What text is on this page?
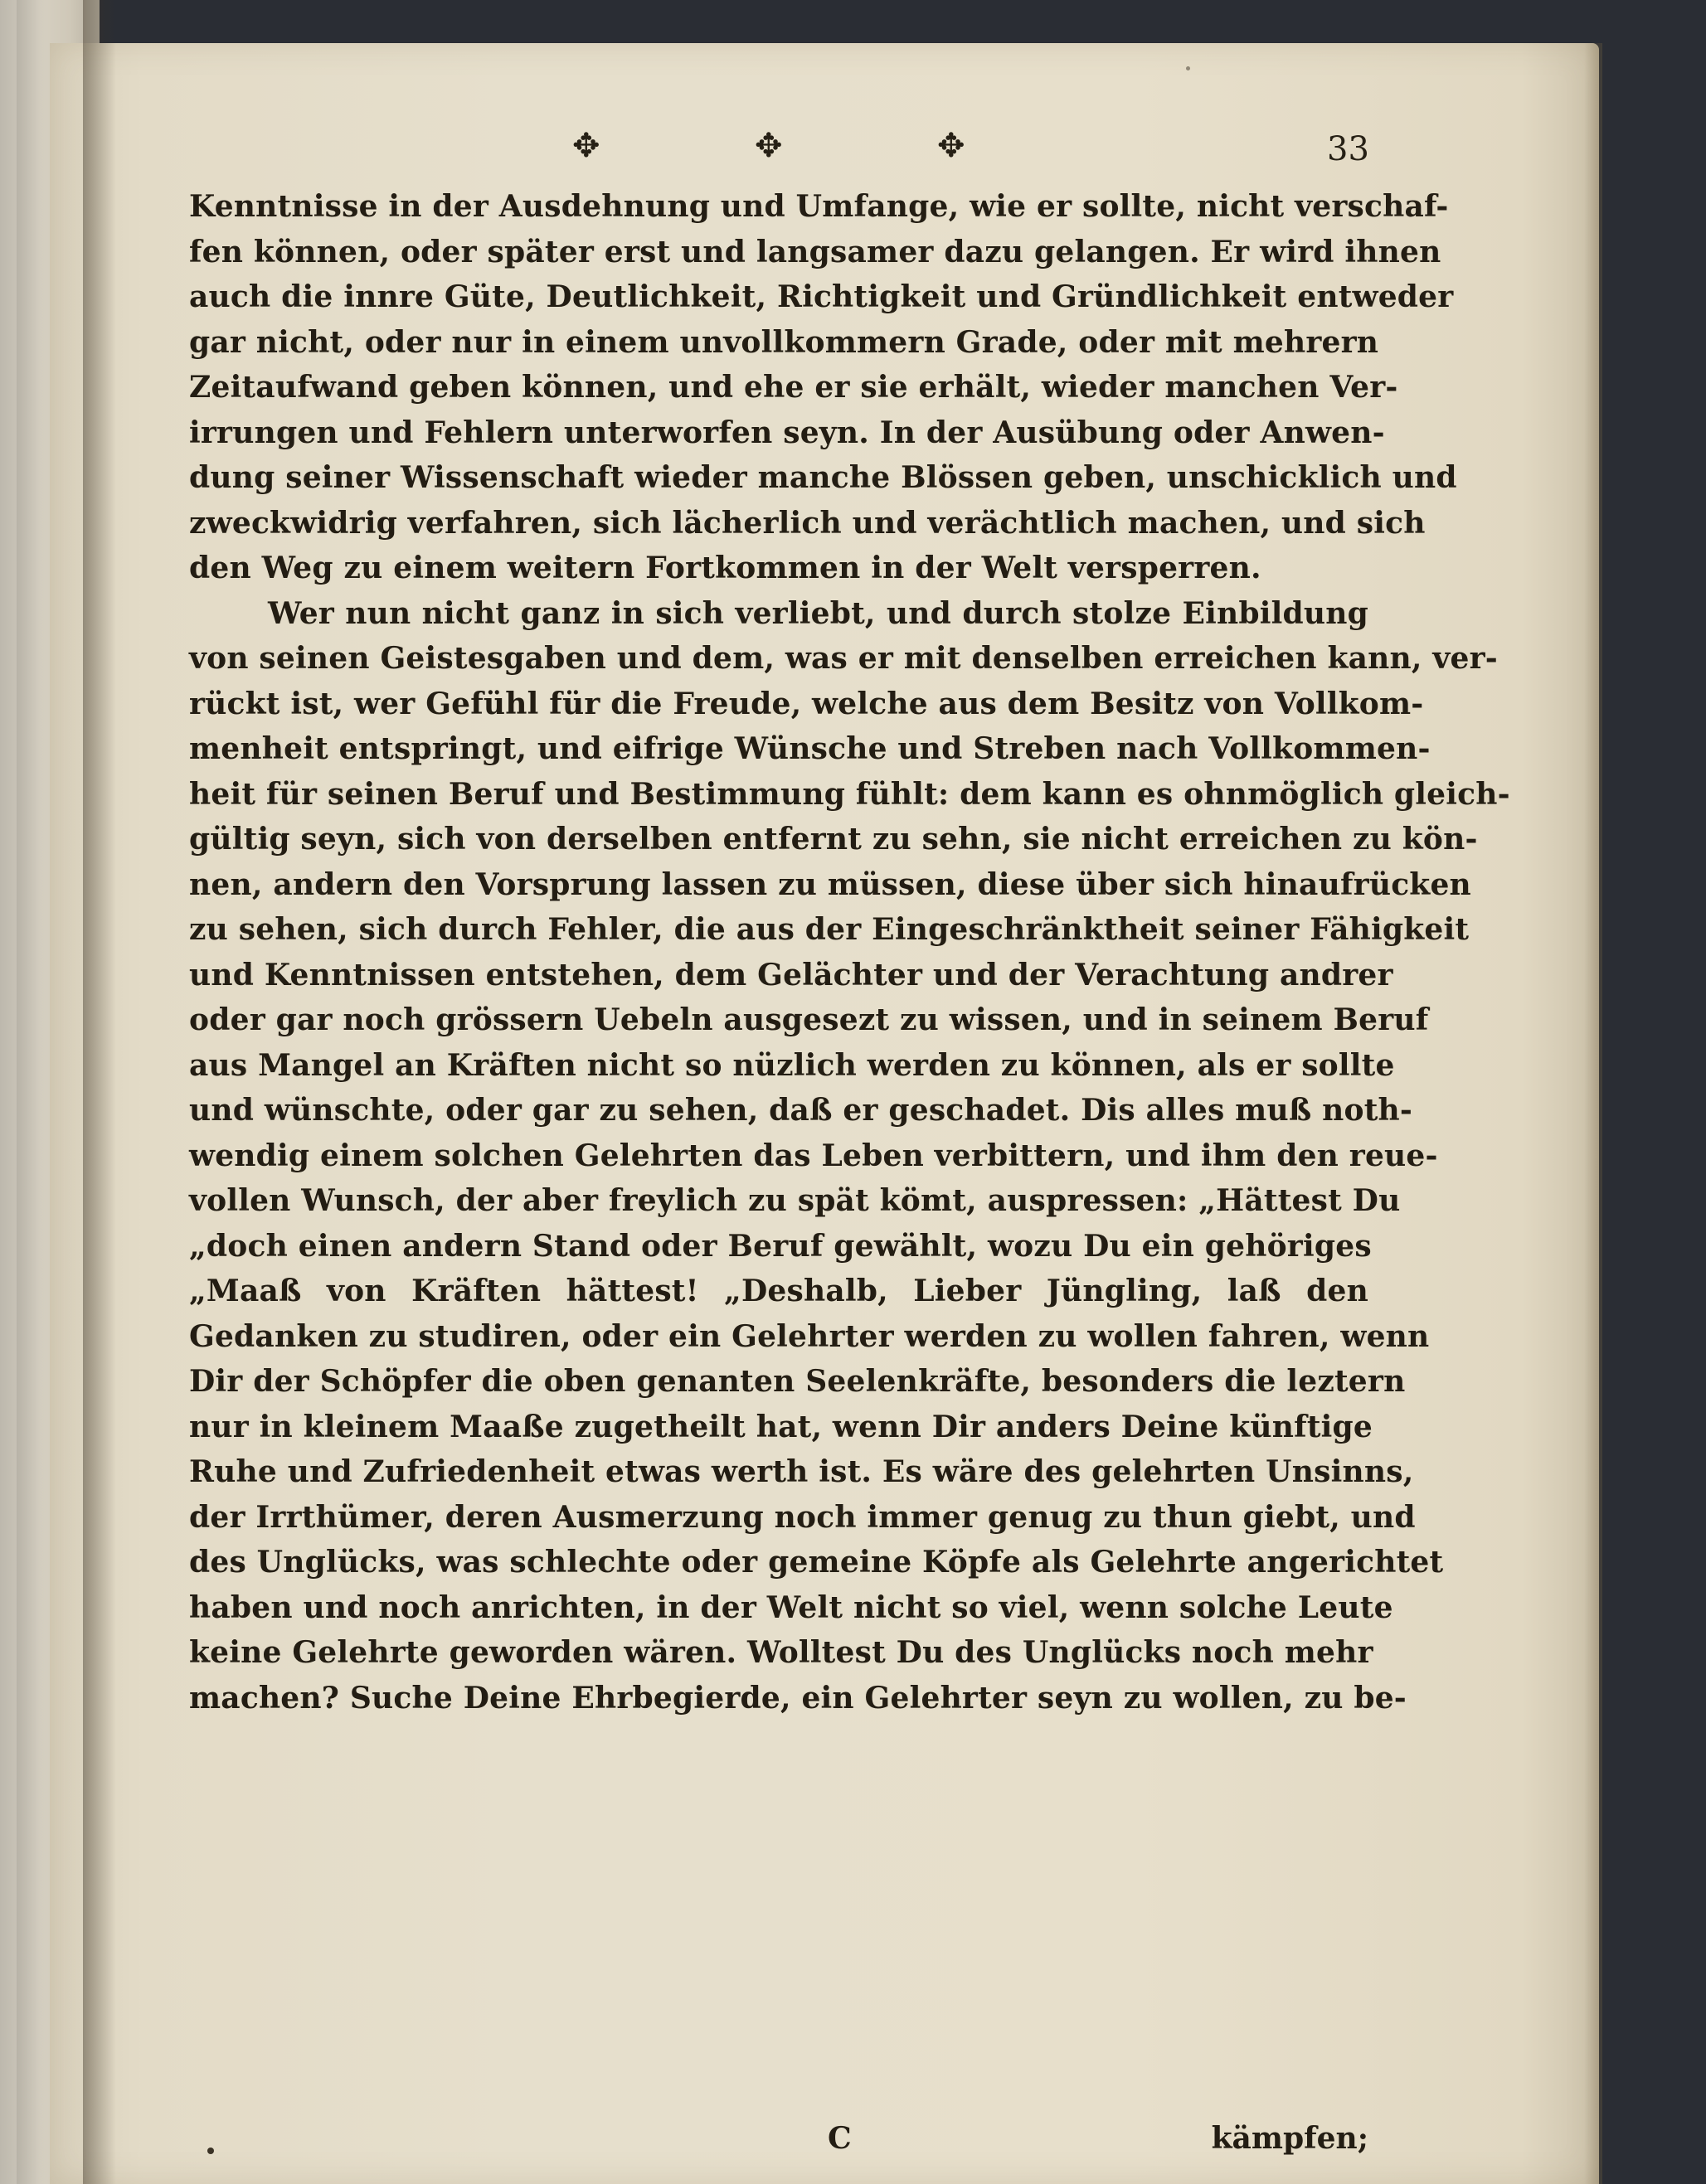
✥	✥	✥	33
Kenntnisse in der Ausdehnung und Umfange, wie er sollte, nicht verschaf-
fen können, oder später erst und langsamer dazu gelangen. Er wird ihnen
auch die innre Güte, Deutlichkeit, Richtigkeit und Gründlichkeit entweder
gar nicht, oder nur in einem unvollkommern Grade, oder mit mehrern
Zeitaufwand geben können, und ehe er sie erhält, wieder manchen Ver-
irrungen und Fehlern unterworfen seyn. In der Ausübung oder Anwen-
dung seiner Wissenschaft wieder manche Blössen geben, unschicklich und
zweckwidrig verfahren, sich lächerlich und verächtlich machen, und sich
den Weg zu einem weitern Fortkommen in der Welt versperren.
Wer nun nicht ganz in sich verliebt, und durch stolze Einbildung
von seinen Geistesgaben und dem, was er mit denselben erreichen kann, ver-
rückt ist, wer Gefühl für die Freude, welche aus dem Besitz von Vollkom-
menheit entspringt, und eifrige Wünsche und Streben nach Vollkommen-
heit für seinen Beruf und Bestimmung fühlt: dem kann es ohnmöglich gleich-
gültig seyn, sich von derselben entfernt zu sehn, sie nicht erreichen zu kön-
nen, andern den Vorsprung lassen zu müssen, diese über sich hinaufrücken
zu sehen, sich durch Fehler, die aus der Eingeschränktheit seiner Fähigkeit
und Kenntnissen entstehen, dem Gelächter und der Verachtung andrer
oder gar noch grössern Uebeln ausgesezt zu wissen, und in seinem Beruf
aus Mangel an Kräften nicht so nüzlich werden zu können, als er sollte
und wünschte, oder gar zu sehen, daß er geschadet. Dis alles muß noth-
wendig einem solchen Gelehrten das Leben verbittern, und ihm den reue-
vollen Wunsch, der aber freylich zu spät kömt, auspressen: „Hättest Du
„doch einen andern Stand oder Beruf gewählt, wozu Du ein gehöriges
„Maaß von Kräften hättest! „Deshalb, Lieber Jüngling, laß den
Gedanken zu studiren, oder ein Gelehrter werden zu wollen fahren, wenn
Dir der Schöpfer die oben genanten Seelenkräfte, besonders die leztern
nur in kleinem Maaße zugetheilt hat, wenn Dir anders Deine künftige
Ruhe und Zufriedenheit etwas werth ist. Es wäre des gelehrten Unsinns,
der Irrthümer, deren Ausmerzung noch immer genug zu thun giebt, und
des Unglücks, was schlechte oder gemeine Köpfe als Gelehrte angerichtet
haben und noch anrichten, in der Welt nicht so viel, wenn solche Leute
keine Gelehrte geworden wären. Wolltest Du des Unglücks noch mehr
machen? Suche Deine Ehrbegierde, ein Gelehrter seyn zu wollen, zu be-
C	kämpfen;
